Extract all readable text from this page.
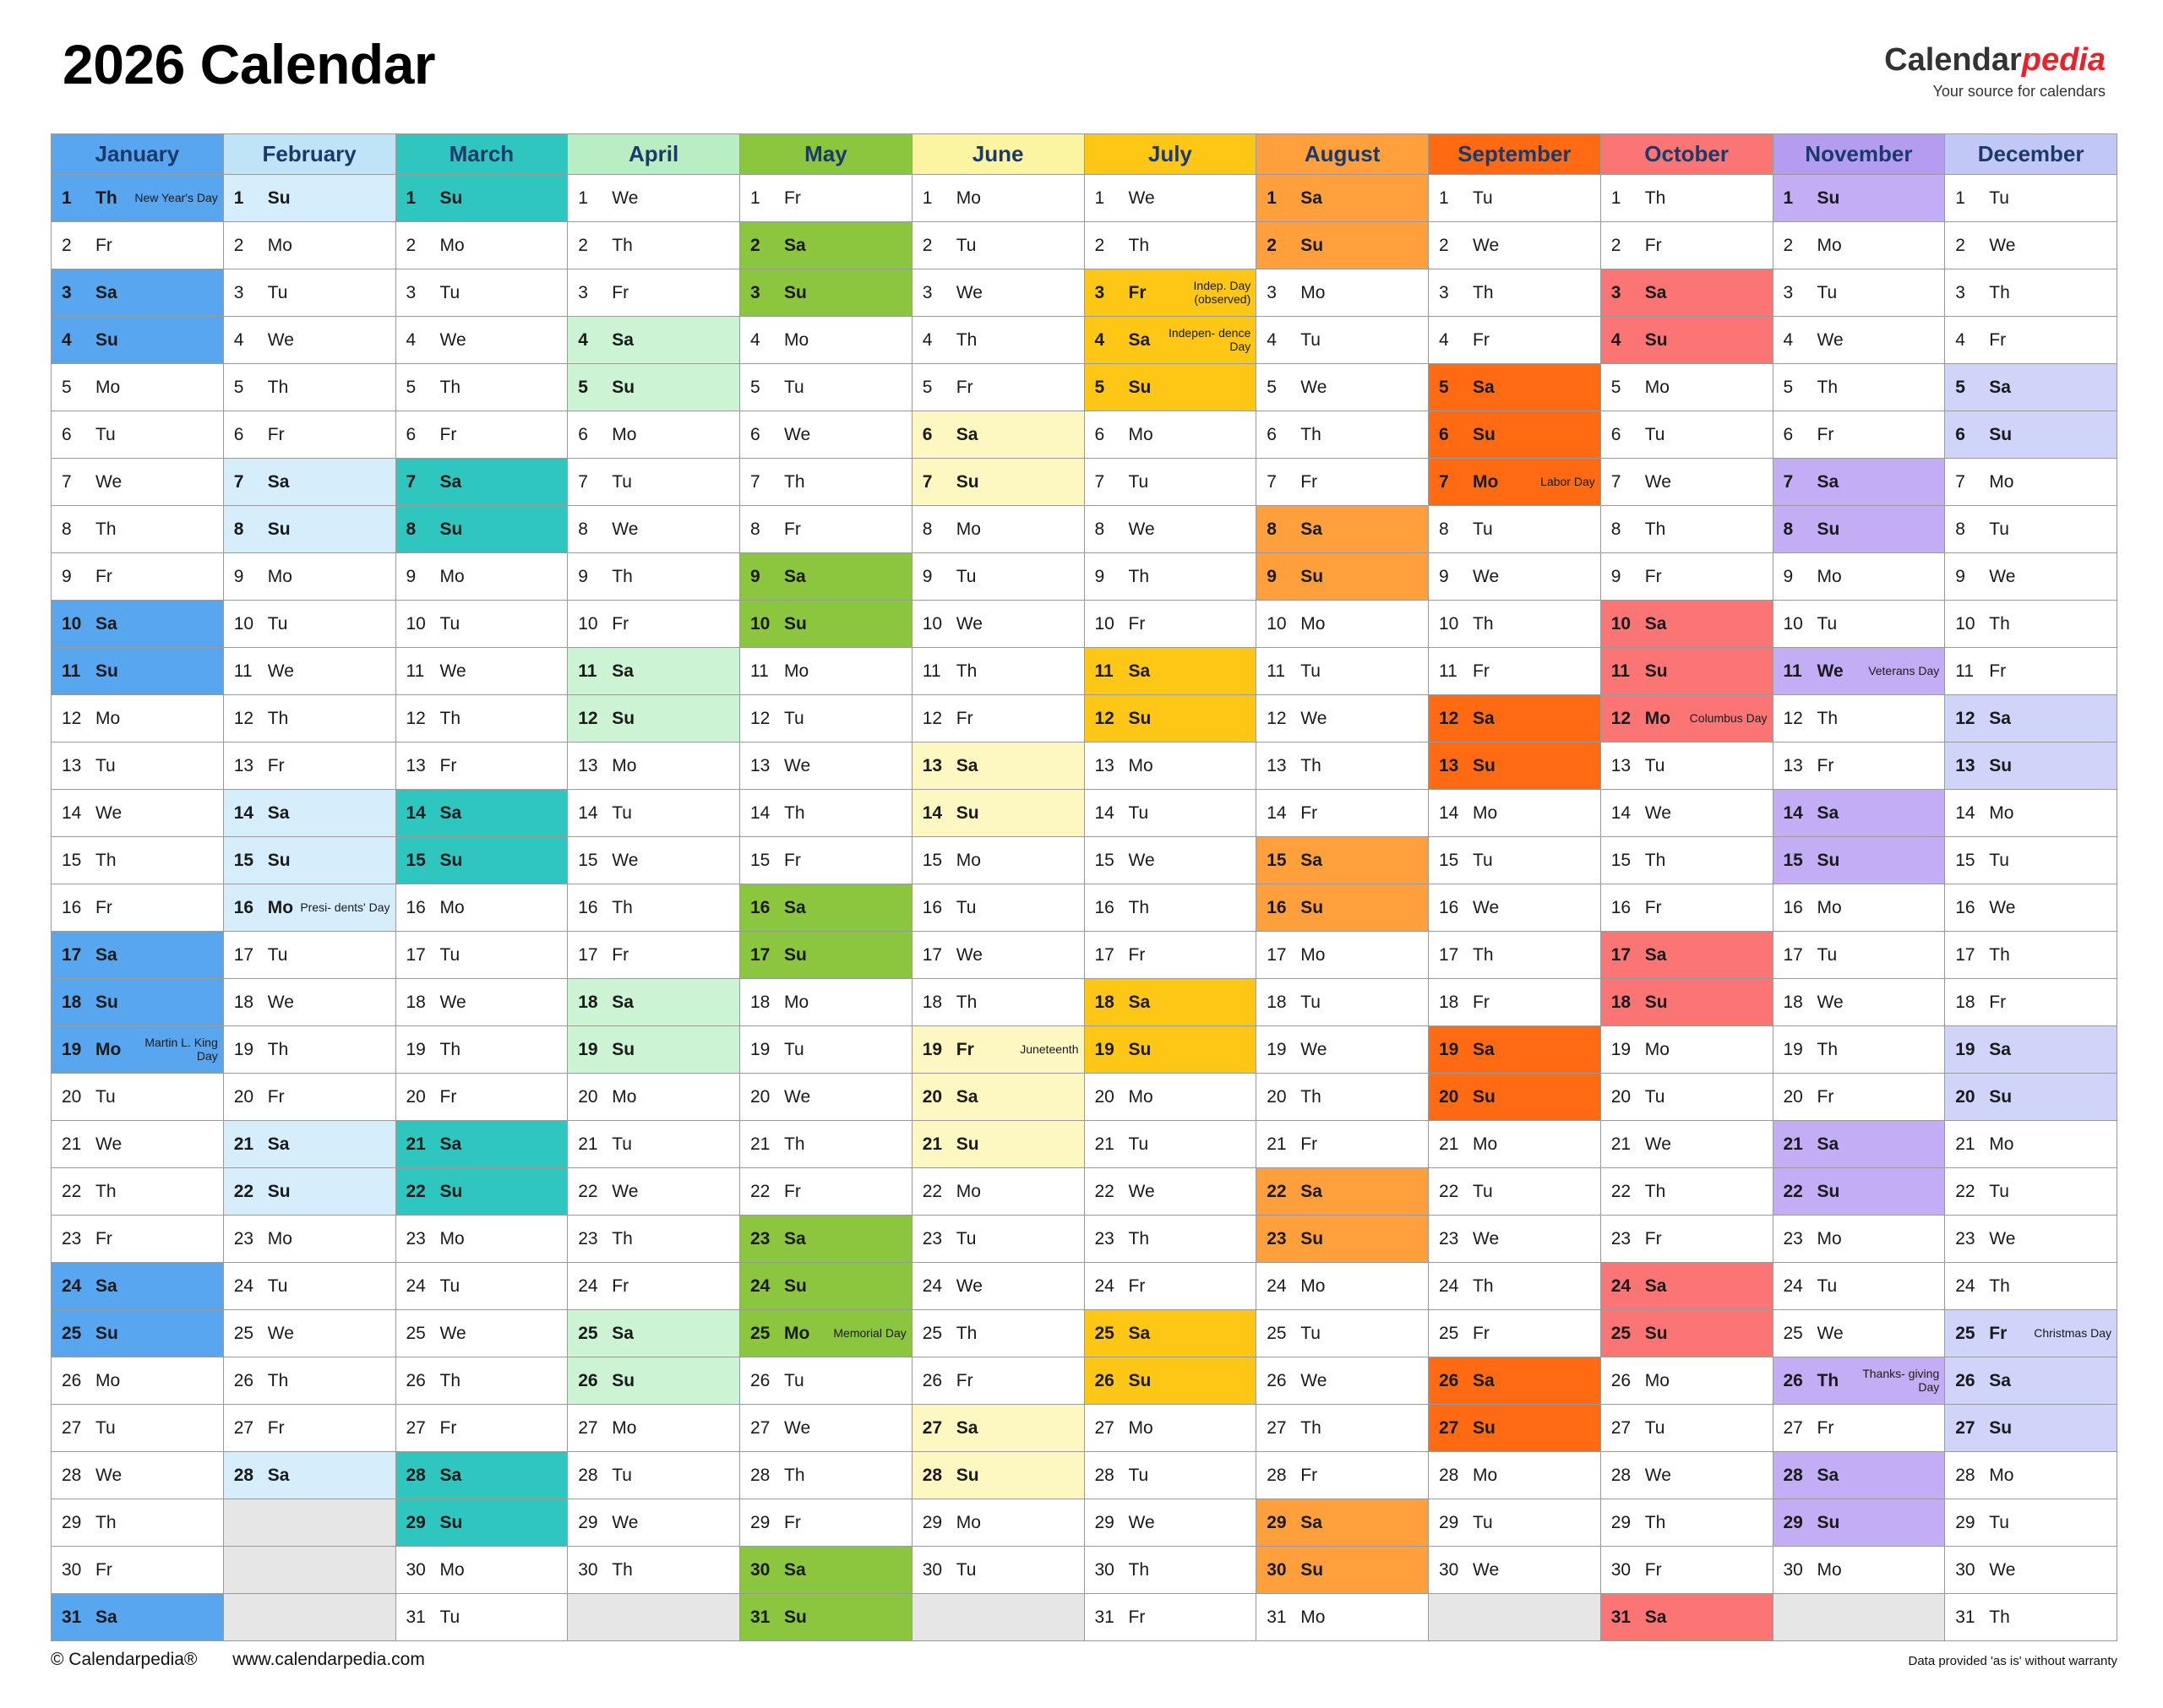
2026 Calendar	Calendarpedia
Your source for calendars
January	February	March	April	May	June	July	August	September	October	November	December

1 Th New Year's Day	1 Su	1 Su	1 We	1 Fr	1 Mo	1 We	1 Sa	1 Tu	1 Th	1 Su	1 Tu

2 Fr	2 Mo	2 Mo	2 Th	2 Sa	2 Tu	2 Th	2 Su	2 We	2 Fr	2 Mo	2 We

3 Sa	3 Tu	3 Tu	3 Fr	3 Su	3 We	3 Fr Indep. Day (observed)	3 Mo	3 Th	3 Sa	3 Tu	3 Th

4 Su	4 We	4 We	4 Sa	4 Mo	4 Th	4 Sa Indepen- dence Day	4 Tu	4 Fr	4 Su	4 We	4 Fr

5 Mo	5 Th	5 Th	5 Su	5 Tu	5 Fr	5 Su	5 We	5 Sa	5 Mo	5 Th	5 Sa

6 Tu	6 Fr	6 Fr	6 Mo	6 We	6 Sa	6 Mo	6 Th	6 Su	6 Tu	6 Fr	6 Su

7 We	7 Sa	7 Sa	7 Tu	7 Th	7 Su	7 Tu	7 Fr	7 Mo Labor Day	7 We	7 Sa	7 Mo

8 Th	8 Su	8 Su	8 We	8 Fr	8 Mo	8 We	8 Sa	8 Tu	8 Th	8 Su	8 Tu

9 Fr	9 Mo	9 Mo	9 Th	9 Sa	9 Tu	9 Th	9 Su	9 We	9 Fr	9 Mo	9 We

10 Sa	10 Tu	10 Tu	10 Fr	10 Su	10 We	10 Fr	10 Mo	10 Th	10 Sa	10 Tu	10 Th

11 Su	11 We	11 We	11 Sa	11 Mo	11 Th	11 Sa	11 Tu	11 Fr	11 Su	11 We Veterans Day	11 Fr

12 Mo	12 Th	12 Th	12 Su	12 Tu	12 Fr	12 Su	12 We	12 Sa	12 Mo Columbus Day	12 Th	12 Sa

13 Tu	13 Fr	13 Fr	13 Mo	13 We	13 Sa	13 Mo	13 Th	13 Su	13 Tu	13 Fr	13 Su

14 We	14 Sa	14 Sa	14 Tu	14 Th	14 Su	14 Tu	14 Fr	14 Mo	14 We	14 Sa	14 Mo

15 Th	15 Su	15 Su	15 We	15 Fr	15 Mo	15 We	15 Sa	15 Tu	15 Th	15 Su	15 Tu

16 Fr	16 Mo Presi- dents' Day	16 Mo	16 Th	16 Sa	16 Tu	16 Th	16 Su	16 We	16 Fr	16 Mo	16 We

17 Sa	17 Tu	17 Tu	17 Fr	17 Su	17 We	17 Fr	17 Mo	17 Th	17 Sa	17 Tu	17 Th

18 Su	18 We	18 We	18 Sa	18 Mo	18 Th	18 Sa	18 Tu	18 Fr	18 Su	18 We	18 Fr

19 Mo Martin L. King Day	19 Th	19 Th	19 Su	19 Tu	19 Fr Juneteenth	19 Su	19 We	19 Sa	19 Mo	19 Th	19 Sa

20 Tu	20 Fr	20 Fr	20 Mo	20 We	20 Sa	20 Mo	20 Th	20 Su	20 Tu	20 Fr	20 Su

21 We	21 Sa	21 Sa	21 Tu	21 Th	21 Su	21 Tu	21 Fr	21 Mo	21 We	21 Sa	21 Mo

22 Th	22 Su	22 Su	22 We	22 Fr	22 Mo	22 We	22 Sa	22 Tu	22 Th	22 Su	22 Tu

23 Fr	23 Mo	23 Mo	23 Th	23 Sa	23 Tu	23 Th	23 Su	23 We	23 Fr	23 Mo	23 We

24 Sa	24 Tu	24 Tu	24 Fr	24 Su	24 We	24 Fr	24 Mo	24 Th	24 Sa	24 Tu	24 Th

25 Su	25 We	25 We	25 Sa	25 Mo Memorial Day	25 Th	25 Sa	25 Tu	25 Fr	25 Su	25 We	25 Fr Christmas Day

26 Mo	26 Th	26 Th	26 Su	26 Tu	26 Fr	26 Su	26 We	26 Sa	26 Mo	26 Th Thanks- giving Day	26 Sa

27 Tu	27 Fr	27 Fr	27 Mo	27 We	27 Sa	27 Mo	27 Th	27 Su	27 Tu	27 Fr	27 Su

28 We	28 Sa	28 Sa	28 Tu	28 Th	28 Su	28 Tu	28 Fr	28 Mo	28 We	28 Sa	28 Mo

29 Th		29 Su	29 We	29 Fr	29 Mo	29 We	29 Sa	29 Tu	29 Th	29 Su	29 Tu

30 Fr		30 Mo	30 Th	30 Sa	30 Tu	30 Th	30 Su	30 We	30 Fr	30 Mo	30 We

31 Sa		31 Tu		31 Su		31 Fr	31 Mo		31 Sa		31 Th
© Calendarpedia® www.calendarpedia.com	Data provided 'as is' without warranty
